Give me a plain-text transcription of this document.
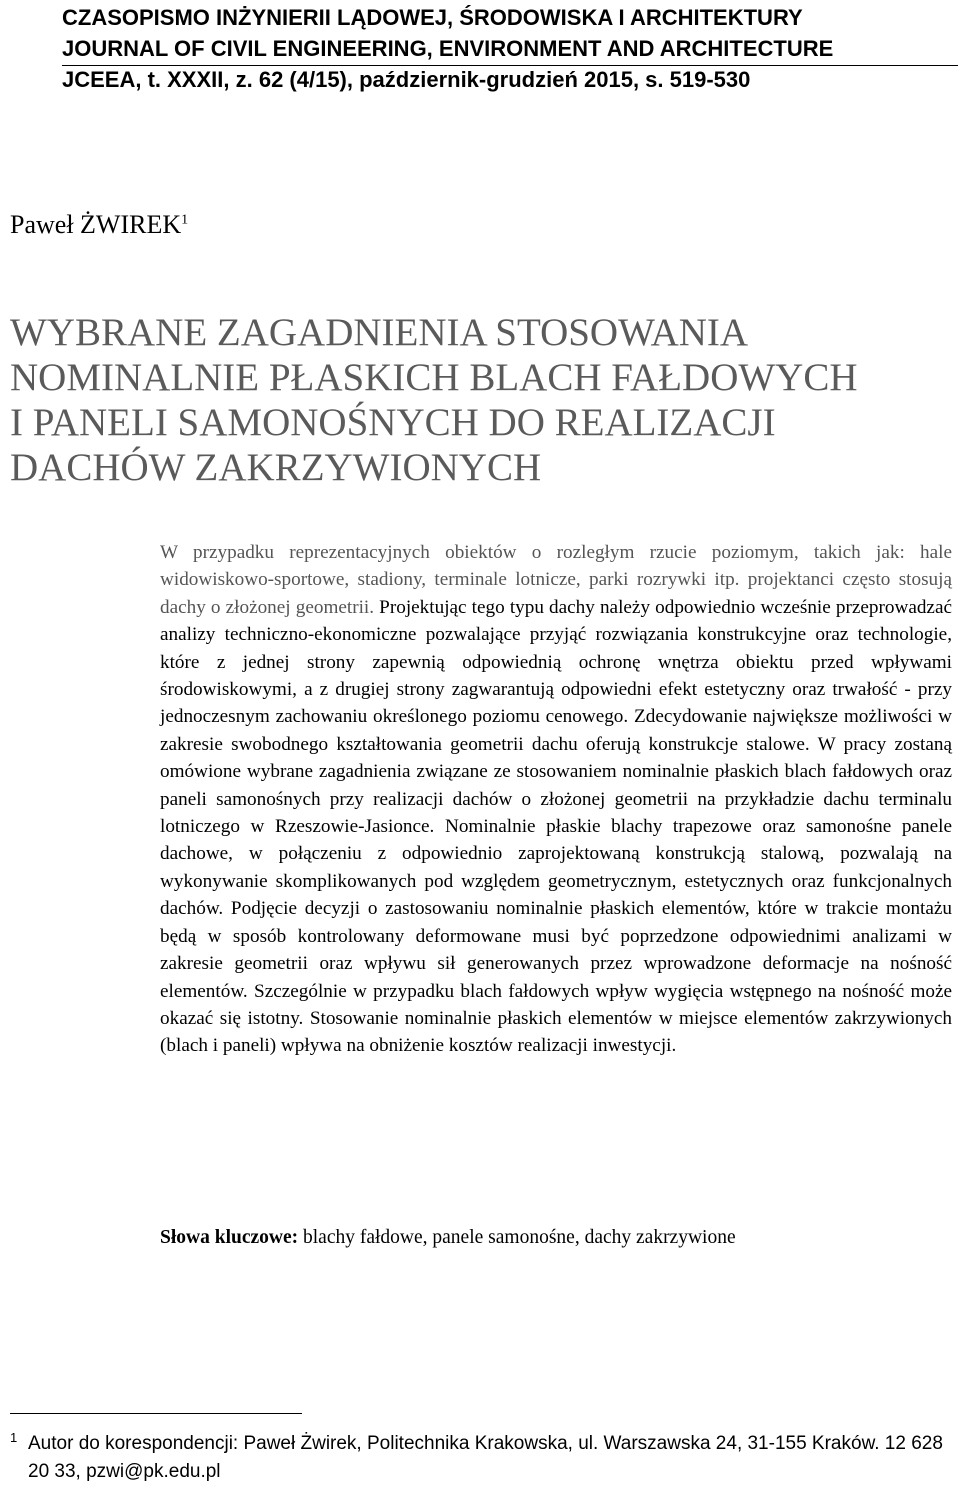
CZASOPISMO INŻYNIERII LĄDOWEJ, ŚRODOWISKA I ARCHITEKTURY
JOURNAL OF CIVIL ENGINEERING, ENVIRONMENT AND ARCHITECTURE
JCEEA, t. XXXII, z. 62 (4/15), październik-grudzień 2015, s. 519-530
Paweł ŻWIREK$^1$
WYBRANE ZAGADNIENIA STOSOWANIA
NOMINALNIE PŁASKICH BLACH FAŁDOWYCH
I PANELI SAMONOŚNYCH DO REALIZACJI
DACHÓW ZAKRZYWIONYCH
W przypadku reprezentacyjnych obiektów o rozległym rzucie poziomym, takich jak: hale widowiskowo-sportowe, stadiony, terminale lotnicze, parki rozrywki itp. projektanci często stosują dachy o złożonej geometrii. Projektując tego typu dachy należy odpowiednio wcześnie przeprowadzać analizy techniczno-ekonomiczne pozwalające przyjąć rozwiązania konstrukcyjne oraz technologie, które z jednej strony zapewnią odpowiednią ochronę wnętrza obiektu przed wpływami środowiskowymi, a z drugiej strony zagwarantują odpowiedni efekt estetyczny oraz trwałość - przy jednoczesnym zachowaniu określonego poziomu cenowego. Zdecydowanie największe możliwości w zakresie swobodnego kształtowania geometrii dachu oferują konstrukcje stalowe. W pracy zostaną omówione wybrane zagadnienia związane ze stosowaniem nominalnie płaskich blach fałdowych oraz paneli samonośnych przy realizacji dachów o złożonej geometrii na przykładzie dachu terminalu lotniczego w Rzeszowie-Jasionce. Nominalnie płaskie blachy trapezowe oraz samonośne panele dachowe, w połączeniu z odpowiednio zaprojektowaną konstrukcją stalową, pozwalają na wykonywanie skomplikowanych pod względem geometrycznym, estetycznych oraz funkcjonalnych dachów. Podjęcie decyzji o zastosowaniu nominalnie płaskich elementów, które w trakcie montażu będą w sposób kontrolowany deformowane musi być poprzedzone odpowiednimi analizami w zakresie geometrii oraz wpływu sił generowanych przez wprowadzone deformacje na nośność elementów. Szczególnie w przypadku blach fałdowych wpływ wygięcia wstępnego na nośność może okazać się istotny. Stosowanie nominalnie płaskich elementów w miejsce elementów zakrzywionych (blach i paneli) wpływa na obniżenie kosztów realizacji inwestycji.
Słowa kluczowe: blachy fałdowe, panele samonośne, dachy zakrzywione
1 Autor do korespondencji: Paweł Żwirek, Politechnika Krakowska, ul. Warszawska 24, 31-155 Kraków. 12 628 20 33, pzwi@pk.edu.pl
